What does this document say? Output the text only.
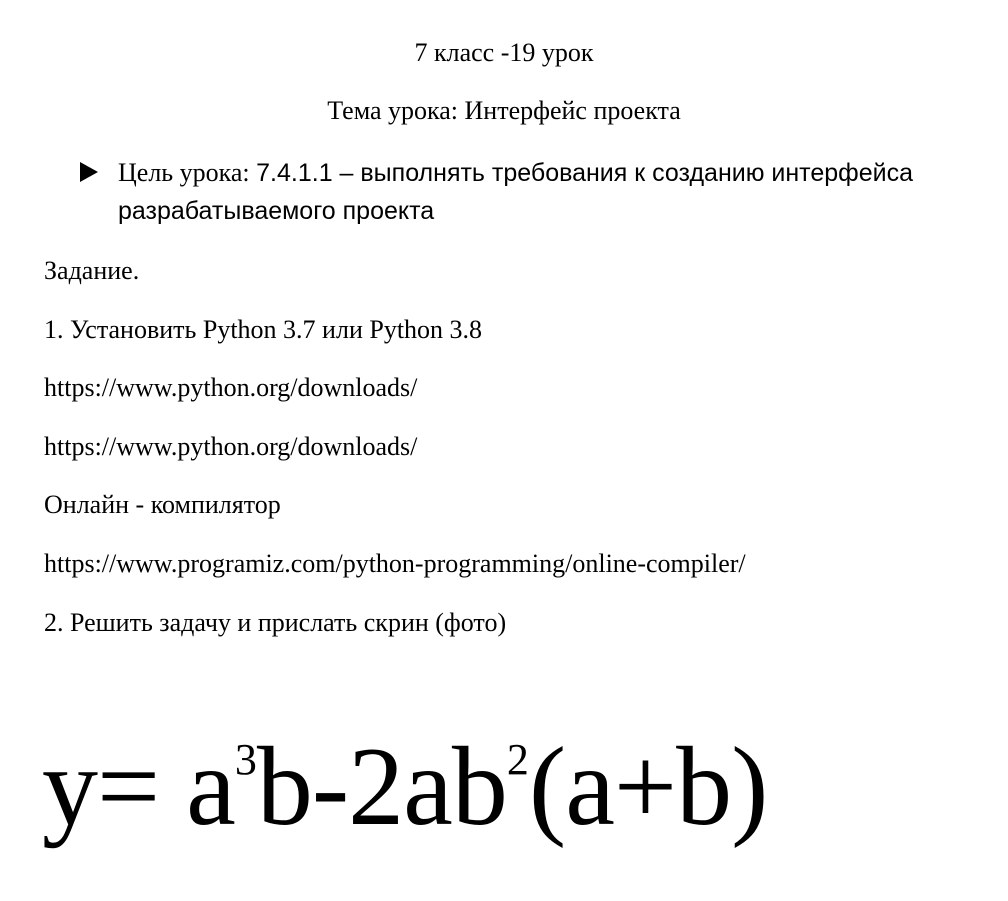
7 класс -19 урок
Тема урока: Интерфейс проекта
Цель урока: 7.4.1.1 – выполнять требования к созданию интерфейса разрабатываемого проекта
Задание.
1. Установить Python 3.7 или Python 3.8
https://www.python.org/downloads/
https://www.python.org/downloads/
Онлайн - компилятор
https://www.programiz.com/python-programming/online-compiler/
2. Решить задачу и прислать скрин (фото)
$y= a^3b-2ab^2(a+b)$
